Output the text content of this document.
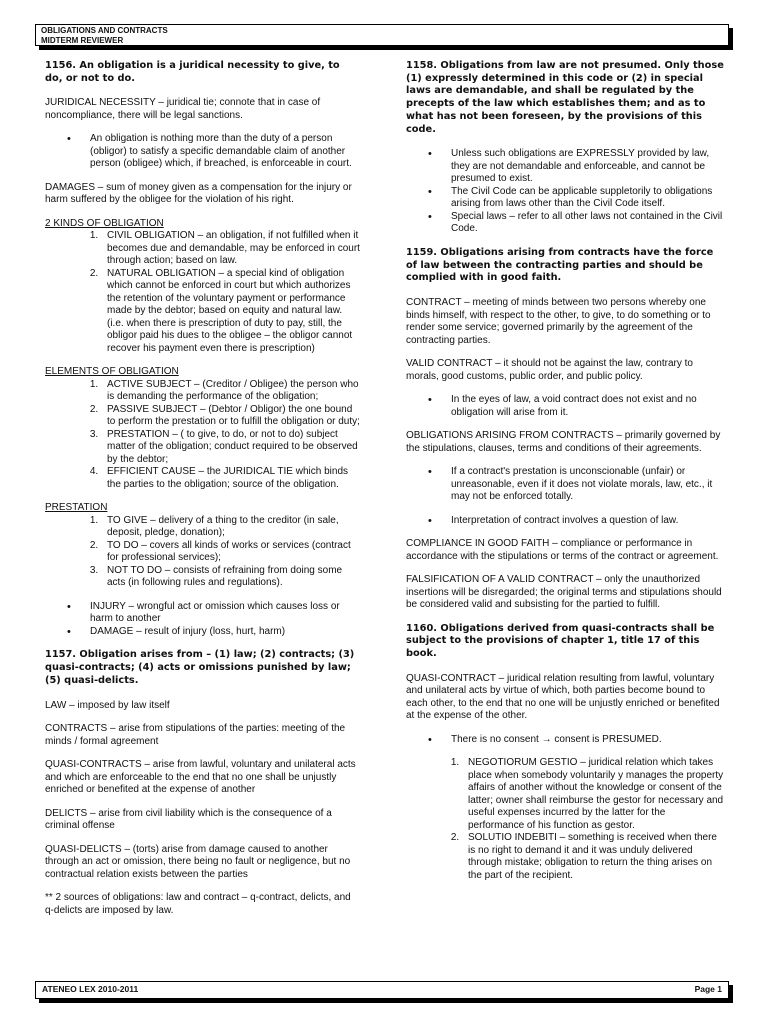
OBLIGATIONS AND CONTRACTS
MIDTERM REVIEWER

1156. An obligation is a juridical necessity to give, to do, or not to do.

JURIDICAL NECESSITY – juridical tie; connote that in case of noncompliance, there will be legal sanctions.

• An obligation is nothing more than the duty of a person (obligor) to satisfy a specific demandable claim of another person (obligee) which, if breached, is enforceable in court.

DAMAGES – sum of money given as a compensation for the injury or harm suffered by the obligee for the violation of his right.

2 KINDS OF OBLIGATION

1. CIVIL OBLIGATION – an obligation, if not fulfilled when it becomes due and demandable, may be enforced in court through action; based on law.
2. NATURAL OBLIGATION – a special kind of obligation which cannot be enforced in court but which authorizes the retention of the voluntary payment or performance made by the debtor; based on equity and natural law. (i.e. when there is prescription of duty to pay, still, the obligor paid his dues to the obligee – the obligor cannot recover his payment even there is prescription)

ELEMENTS OF OBLIGATION

1. ACTIVE SUBJECT – (Creditor / Obligee) the person who is demanding the performance of the obligation;
2. PASSIVE SUBJECT – (Debtor / Obligor) the one bound to perform the prestation or to fulfill the obligation or duty;
3. PRESTATION – ( to give, to do, or not to do) subject matter of the obligation; conduct required to be observed by the debtor;
4. EFFICIENT CAUSE – the JURIDICAL TIE which binds the parties to the obligation; source of the obligation.

PRESTATION

1. TO GIVE – delivery of a thing to the creditor (in sale, deposit, pledge, donation);
2. TO DO – covers all kinds of works or services (contract for professional services);
3. NOT TO DO – consists of refraining from doing some acts (in following rules and regulations).
• INJURY – wrongful act or omission which causes loss or harm to another
• DAMAGE – result of injury (loss, hurt, harm)

1157. Obligation arises from – (1) law; (2) contracts; (3) quasi-contracts; (4) acts or omissions punished by law; (5) quasi-delicts.

LAW – imposed by law itself

CONTRACTS – arise from stipulations of the parties: meeting of the minds / formal agreement

QUASI-CONTRACTS – arise from lawful, voluntary and unilateral acts and which are enforceable to the end that no one shall be unjustly enriched or benefited at the expense of another

DELICTS – arise from civil liability which is the consequence of a criminal offense

QUASI-DELICTS – (torts) arise from damage caused to another through an act or omission, there being no fault or negligence, but no contractual relation exists between the parties

** 2 sources of obligations: law and contract – q-contract, delicts, and q-delicts are imposed by law.

1158. Obligations from law are not presumed. Only those (1) expressly determined in this code or (2) in special laws are demandable, and shall be regulated by the precepts of the law which establishes them; and as to what has not been foreseen, by the provisions of this code.

• Unless such obligations are EXPRESSLY provided by law, they are not demandable and enforceable, and cannot be presumed to exist.
• The Civil Code can be applicable suppletorily to obligations arising from laws other than the Civil Code itself.
• Special laws – refer to all other laws not contained in the Civil Code.

1159. Obligations arising from contracts have the force of law between the contracting parties and should be complied with in good faith.

CONTRACT – meeting of minds between two persons whereby one binds himself, with respect to the other, to give, to do something or to render some service; governed primarily by the agreement of the contracting parties.

VALID CONTRACT – it should not be against the law, contrary to morals, good customs, public order, and public policy.

• In the eyes of law, a void contract does not exist and no obligation will arise from it.

OBLIGATIONS ARISING FROM CONTRACTS – primarily governed by the stipulations, clauses, terms and conditions of their agreements.

• If a contract's prestation is unconscionable (unfair) or unreasonable, even if it does not violate morals, law, etc., it may not be enforced totally.
• Interpretation of contract involves a question of law.

COMPLIANCE IN GOOD FAITH – compliance or performance in accordance with the stipulations or terms of the contract or agreement.

FALSIFICATION OF A VALID CONTRACT – only the unauthorized insertions will be disregarded; the original terms and stipulations should be considered valid and subsisting for the partied to fulfill.

1160. Obligations derived from quasi-contracts shall be subject to the provisions of chapter 1, title 17 of this book.

QUASI-CONTRACT – juridical relation resulting from lawful, voluntary and unilateral acts by virtue of which, both parties become bound to each other, to the end that no one will be unjustly enriched or benefited at the expense of the other.

• There is no consent → consent is PRESUMED.
1. NEGOTIORUM GESTIO – juridical relation which takes place when somebody voluntarily y manages the property affairs of another without the knowledge or consent of the latter; owner shall reimburse the gestor for necessary and useful expenses incurred by the latter for the performance of his function as gestor.
2. SOLUTIO INDEBITI – something is received when there is no right to demand it and it was unduly delivered through mistake; obligation to return the thing arises on the part of the recipient.
ATENEO LEX 2010-2011	Page 1
